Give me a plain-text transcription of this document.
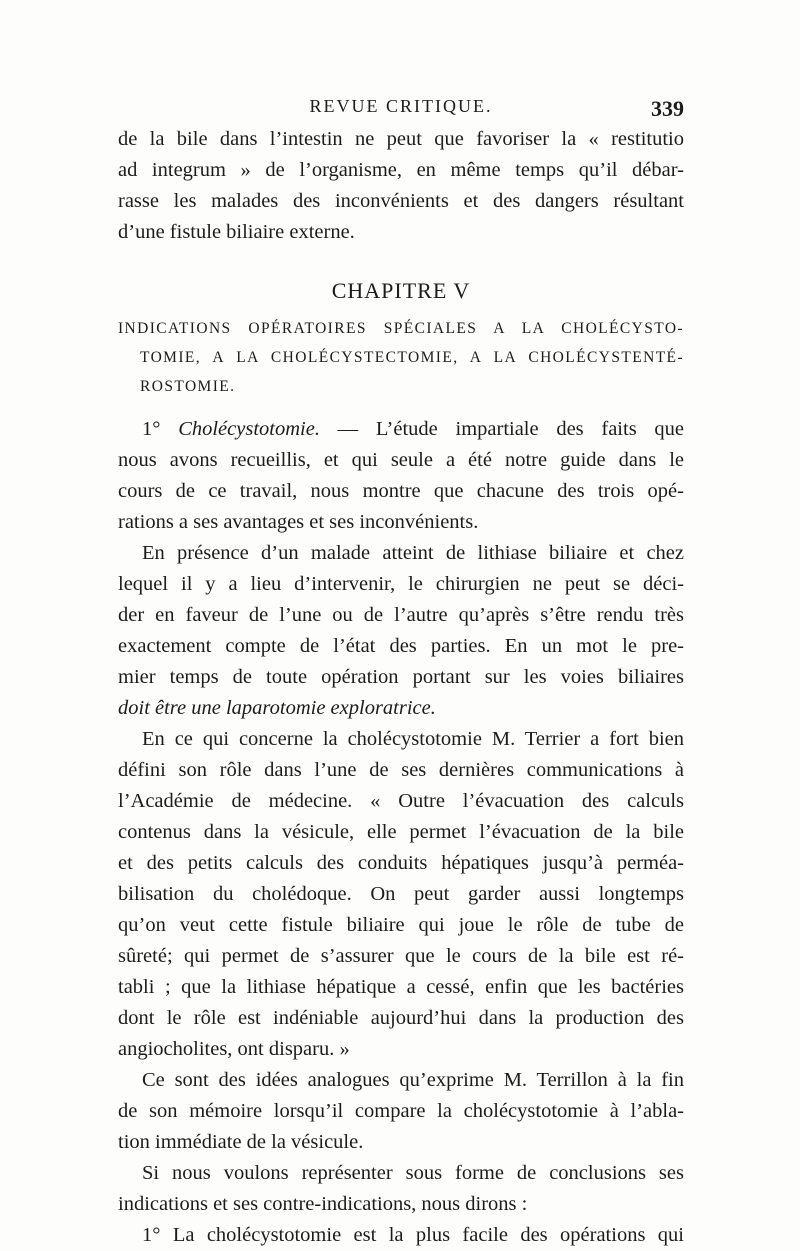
REVUE CRITIQUE.	339
de la bile dans l’intestin ne peut que favoriser la « restitutio
ad integrum » de l’organisme, en même temps qu’il débar-
rasse les malades des inconvénients et des dangers résultant
d’une fistule biliaire externe.
CHAPITRE V
INDICATIONS OPÉRATOIRES SPÉCIALES A LA CHOLÉCYSTO-
TOMIE, A LA CHOLÉCYSTECTOMIE, A LA CHOLÉCYSTENTÉ-
ROSTOMIE.
1° Cholécystotomie. — L’étude impartiale des faits que
nous avons recueillis, et qui seule a été notre guide dans le
cours de ce travail, nous montre que chacune des trois opé-
rations a ses avantages et ses inconvénients.
En présence d’un malade atteint de lithiase biliaire et chez
lequel il y a lieu d’intervenir, le chirurgien ne peut se déci-
der en faveur de l’une ou de l’autre qu’après s’être rendu très
exactement compte de l’état des parties. En un mot le pre-
mier temps de toute opération portant sur les voies biliaires
doit être une laparotomie exploratrice.
En ce qui concerne la cholécystotomie M. Terrier a fort bien
défini son rôle dans l’une de ses dernières communications à
l’Académie de médecine. « Outre l’évacuation des calculs
contenus dans la vésicule, elle permet l’évacuation de la bile
et des petits calculs des conduits hépatiques jusqu’à perméa-
bilisation du cholédoque. On peut garder aussi longtemps
qu’on veut cette fistule biliaire qui joue le rôle de tube de
sûreté; qui permet de s’assurer que le cours de la bile est ré-
tabli ; que la lithiase hépatique a cessé, enfin que les bactéries
dont le rôle est indéniable aujourd’hui dans la production des
angiocholites, ont disparu. »
Ce sont des idées analogues qu’exprime M. Terrillon à la fin
de son mémoire lorsqu’il compare la cholécystotomie à l’abla-
tion immédiate de la vésicule.
Si nous voulons représenter sous forme de conclusions ses
indications et ses contre-indications, nous dirons :
1° La cholécystotomie est la plus facile des opérations qui
